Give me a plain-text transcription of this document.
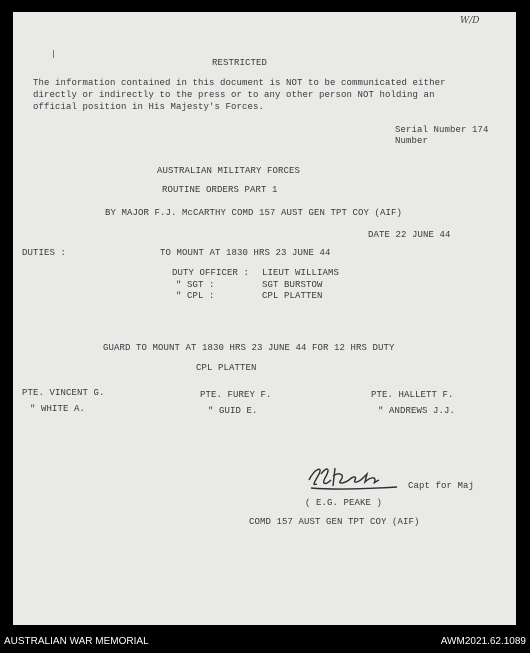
W/D
RESTRICTED
The information contained in this document is NOT to be communicated either
directly or indirectly to the press or to any other person NOT holding an
official position in His Majesty's Forces.
Serial Number 174
Number
AUSTRALIAN MILITARY FORCES
ROUTINE ORDERS PART 1
BY MAJOR F.J. McCARTHY COMD 157 AUST GEN TPT COY (AIF)
DATE 22 JUNE 44
DUTIES :	TO MOUNT AT 1830 HRS 23 JUNE 44
DUTY OFFICER : LIEUT WILLIAMS
" SGT :	SGT BURSTOW
" CPL :	CPL PLATTEN
GUARD TO MOUNT AT 1830 HRS 23 JUNE 44 FOR 12 HRS DUTY
CPL PLATTEN
PTE. VINCENT G.	PTE. FUREY F.	PTE. HALLETT F.
" WHITE A.	" GUID E.	" ANDREWS J.J.
Capt for Maj
( E.G. PEAKE )
COMD 157 AUST GEN TPT COY (AIF)
AUSTRALIAN WAR MEMORIAL	AWM2021.62.1089
